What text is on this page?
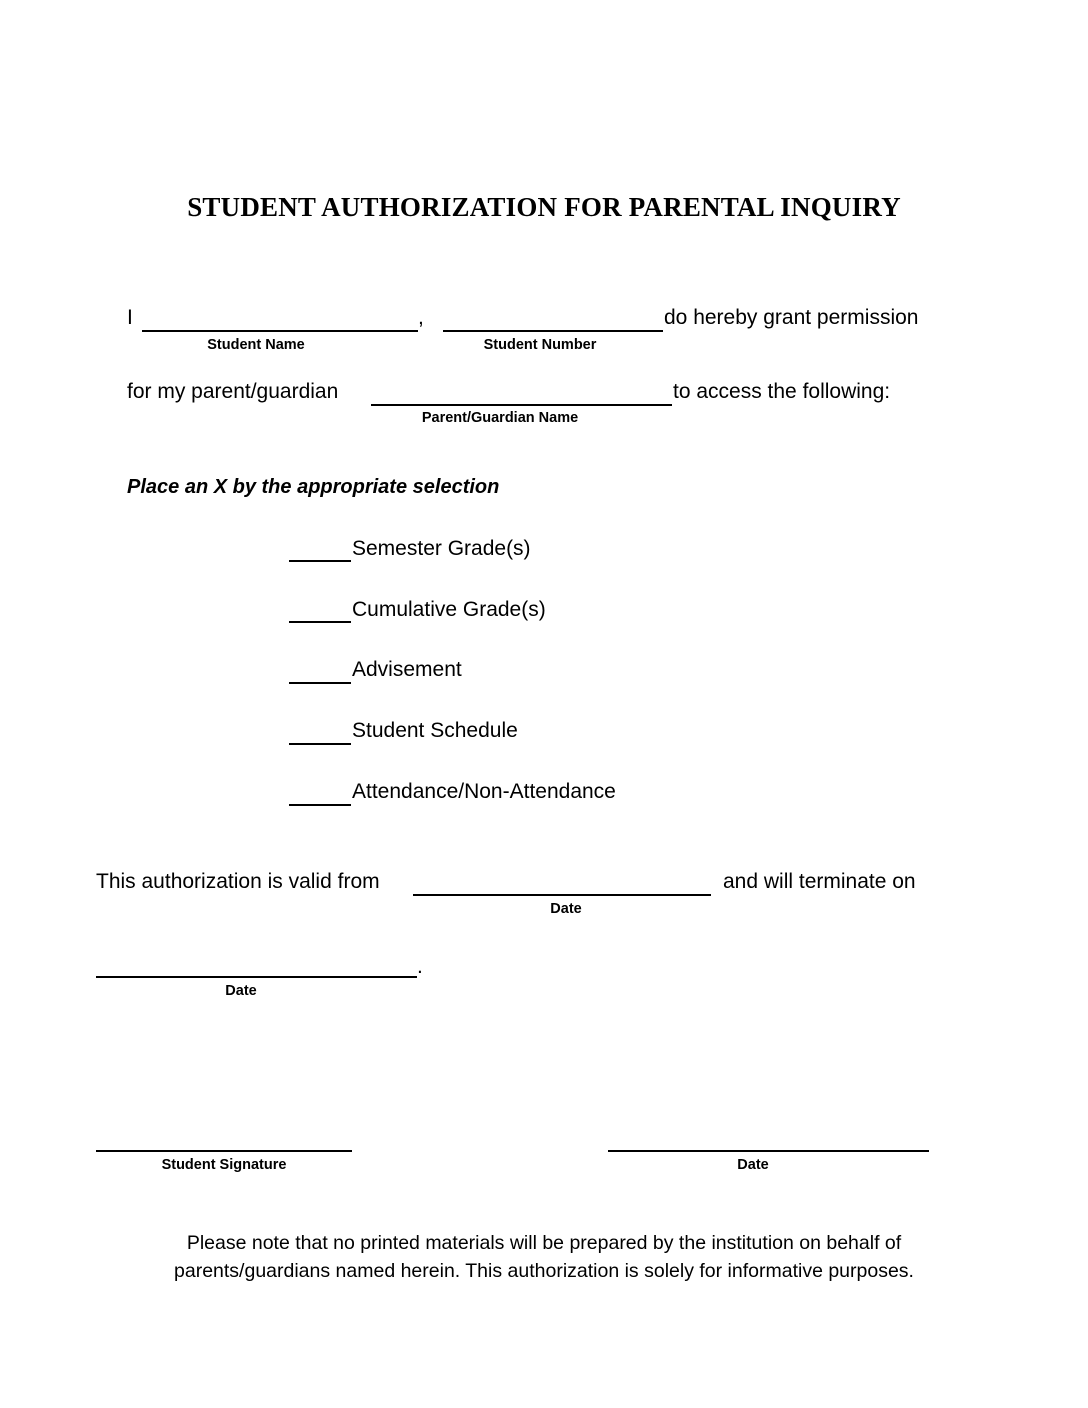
STUDENT AUTHORIZATION FOR PARENTAL INQUIRY
I	,	do hereby grant permission
Student Name	Student Number
for my parent/guardian	to access the following:
Parent/Guardian Name
Place an X by the appropriate selection
Semester Grade(s)
Cumulative Grade(s)
Advisement
Student Schedule
Attendance/Non-Attendance
This authorization is valid from	and will terminate on
Date
.
Date
Student Signature	Date
Please note that no printed materials will be prepared by the institution on behalf of
parents/guardians named herein. This authorization is solely for informative purposes.
